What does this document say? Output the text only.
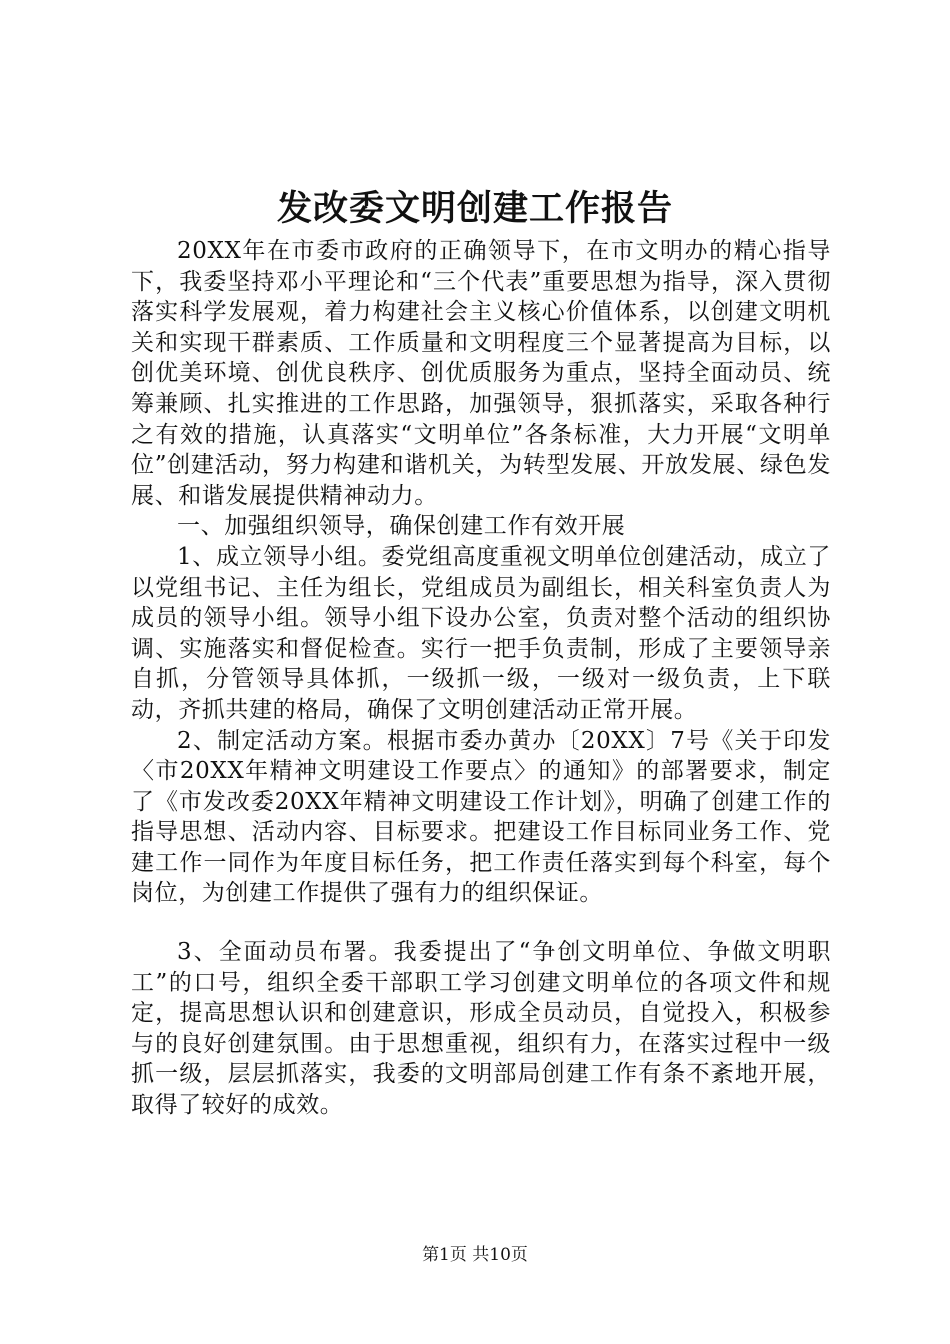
发改委文明创建工作报告

20XX年在市委市政府的正确领导下，在市文明办的精心指导下，我委坚持邓小平理论和“三个代表”重要思想为指导，深入贯彻落实科学发展观，着力构建社会主义核心价值体系，以创建文明机关和实现干群素质、工作质量和文明程度三个显著提高为目标，以创优美环境、创优良秩序、创优质服务为重点，坚持全面动员、统筹兼顾、扎实推进的工作思路，加强领导，狠抓落实，采取各种行之有效的措施，认真落实“文明单位”各条标准，大力开展“文明单位”创建活动，努力构建和谐机关，为转型发展、开放发展、绿色发展、和谐发展提供精神动力。

一、加强组织领导，确保创建工作有效开展

1、成立领导小组。委党组高度重视文明单位创建活动，成立了以党组书记、主任为组长，党组成员为副组长，相关科室负责人为成员的领导小组。领导小组下设办公室，负责对整个活动的组织协调、实施落实和督促检查。实行一把手负责制，形成了主要领导亲自抓，分管领导具体抓，一级抓一级，一级对一级负责，上下联动，齐抓共建的格局，确保了文明创建活动正常开展。

2、制定活动方案。根据市委办黄办〔20XX〕7号《关于印发〈市20XX年精神文明建设工作要点〉的通知》的部署要求，制定了《市发改委20XX年精神文明建设工作计划》，明确了创建工作的指导思想、活动内容、目标要求。把建设工作目标同业务工作、党建工作一同作为年度目标任务，把工作责任落实到每个科室，每个岗位，为创建工作提供了强有力的组织保证。

3、全面动员布署。我委提出了“争创文明单位、争做文明职工”的口号，组织全委干部职工学习创建文明单位的各项文件和规定，提高思想认识和创建意识，形成全员动员，自觉投入，积极参与的良好创建氛围。由于思想重视，组织有力，在落实过程中一级抓一级，层层抓落实，我委的文明部局创建工作有条不紊地开展，取得了较好的成效。

第1页 共10页
